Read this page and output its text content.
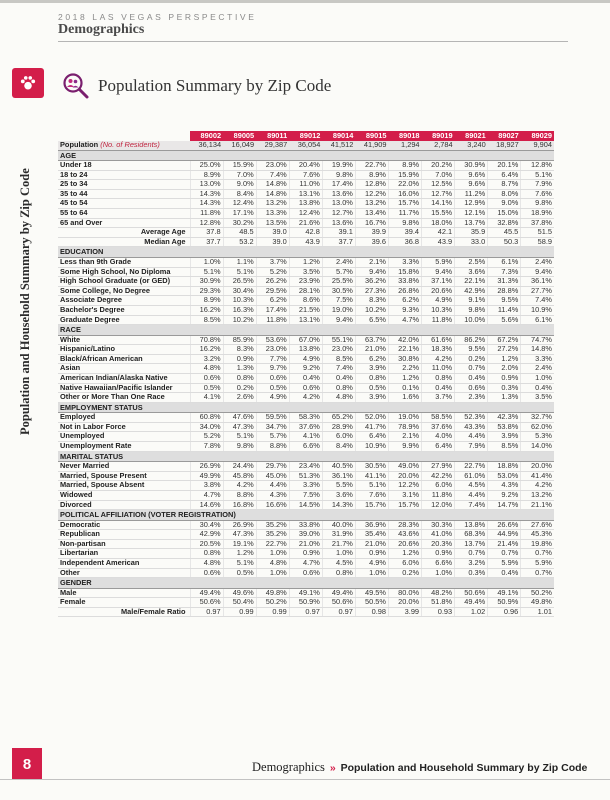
2018 LAS VEGAS PERSPECTIVE
Demographics
Population and Household Summary by Zip Code
Population Summary by Zip Code
	89002	89005	89011	89012	89014	89015	89018	89019	89021	89027	89029
Population (No. of Residents)	36,134	16,049	29,387	36,054	41,512	41,909	1,294	2,784	3,240	18,927	9,904
AGE											
Under 18	25.0%	15.9%	23.0%	20.4%	19.9%	22.7%	8.9%	20.2%	30.9%	20.1%	12.8%
18 to 24	8.9%	7.0%	7.4%	7.6%	9.8%	8.9%	15.9%	7.0%	9.6%	6.4%	5.1%
25 to 34	13.0%	9.0%	14.8%	11.0%	17.4%	12.8%	22.0%	12.5%	9.6%	8.7%	7.9%
35 to 44	14.3%	8.4%	14.8%	13.1%	13.6%	12.2%	16.0%	12.7%	11.2%	8.0%	7.6%
45 to 54	14.3%	12.4%	13.2%	13.8%	13.0%	13.2%	15.7%	14.1%	12.9%	9.0%	9.8%
55 to 64	11.8%	17.1%	13.3%	12.4%	12.7%	13.4%	11.7%	15.5%	12.1%	15.0%	18.9%
65 and Over	12.8%	30.2%	13.5%	21.6%	13.6%	16.7%	9.8%	18.0%	13.7%	32.8%	37.8%
Average Age	37.8	48.5	39.0	42.8	39.1	39.9	39.4	42.1	35.9	45.5	51.5
Median Age	37.7	53.2	39.0	43.9	37.7	39.6	36.8	43.9	33.0	50.3	58.9
EDUCATION											
Less than 9th Grade	1.0%	1.1%	3.7%	1.2%	2.4%	2.1%	3.3%	5.9%	2.5%	6.1%	2.4%
Some High School, No Diploma	5.1%	5.1%	5.2%	3.5%	5.7%	9.4%	15.8%	9.4%	3.6%	7.3%	9.4%
High School Graduate (or GED)	30.9%	26.5%	26.2%	23.9%	25.5%	36.2%	33.8%	37.1%	22.1%	31.3%	36.1%
Some College, No Degree	29.3%	30.4%	29.5%	28.1%	30.5%	27.3%	26.8%	20.6%	42.9%	28.8%	27.7%
Associate Degree	8.9%	10.3%	6.2%	8.6%	7.5%	8.3%	6.2%	4.9%	9.1%	9.5%	7.4%
Bachelor's Degree	16.2%	16.3%	17.4%	21.5%	19.0%	10.2%	9.3%	10.3%	9.8%	11.4%	10.9%
Graduate Degree	8.5%	10.2%	11.8%	13.1%	9.4%	6.5%	4.7%	11.8%	10.0%	5.6%	6.1%
RACE											
White	70.8%	85.9%	53.6%	67.0%	55.1%	63.7%	42.0%	61.6%	86.2%	67.2%	74.7%
Hispanic/Latino	16.2%	8.3%	23.0%	13.8%	23.0%	21.0%	22.1%	18.3%	9.5%	27.2%	14.8%
Black/African American	3.2%	0.9%	7.7%	4.9%	8.5%	6.2%	30.8%	4.2%	0.2%	1.2%	3.3%
Asian	4.8%	1.3%	9.7%	9.2%	7.4%	3.9%	2.2%	11.0%	0.7%	2.0%	2.4%
American Indian/Alaska Native	0.6%	0.8%	0.6%	0.4%	0.4%	0.8%	1.2%	0.8%	0.4%	0.9%	1.0%
Native Hawaiian/Pacific Islander	0.5%	0.2%	0.5%	0.6%	0.8%	0.5%	0.1%	0.4%	0.6%	0.3%	0.4%
Other or More Than One Race	4.1%	2.6%	4.9%	4.2%	4.8%	3.9%	1.6%	3.7%	2.3%	1.3%	3.5%
EMPLOYMENT STATUS											
Employed	60.8%	47.6%	59.5%	58.3%	65.2%	52.0%	19.0%	58.5%	52.3%	42.3%	32.7%
Not in Labor Force	34.0%	47.3%	34.7%	37.6%	28.9%	41.7%	78.9%	37.6%	43.3%	53.8%	62.0%
Unemployed	5.2%	5.1%	5.7%	4.1%	6.0%	6.4%	2.1%	4.0%	4.4%	3.9%	5.3%
Unemployment Rate	7.8%	9.8%	8.8%	6.6%	8.4%	10.9%	9.9%	6.4%	7.9%	8.5%	14.0%
MARITAL STATUS											
Never Married	26.9%	24.4%	29.7%	23.4%	40.5%	30.5%	49.0%	27.9%	22.7%	18.8%	20.0%
Married, Spouse Present	49.9%	45.8%	45.0%	51.3%	36.1%	41.1%	20.0%	42.2%	61.0%	53.0%	41.4%
Married, Spouse Absent	3.8%	4.2%	4.4%	3.3%	5.5%	5.1%	12.2%	6.0%	4.5%	4.3%	4.2%
Widowed	4.7%	8.8%	4.3%	7.5%	3.6%	7.6%	3.1%	11.8%	4.4%	9.2%	13.2%
Divorced	14.6%	16.8%	16.6%	14.5%	14.3%	15.7%	15.7%	12.0%	7.4%	14.7%	21.1%
POLITICAL AFFILIATION (VOTER REGISTRATION)											
Democratic	30.4%	26.9%	35.2%	33.8%	40.0%	36.9%	28.3%	30.3%	13.8%	26.6%	27.6%
Republican	42.9%	47.3%	35.2%	39.0%	31.9%	35.4%	43.6%	41.0%	68.3%	44.9%	45.3%
Non-partisan	20.5%	19.1%	22.7%	21.0%	21.7%	21.0%	20.6%	20.3%	13.7%	21.4%	19.8%
Libertarian	0.8%	1.2%	1.0%	0.9%	1.0%	0.9%	1.2%	0.9%	0.7%	0.7%	0.7%
Independent American	4.8%	5.1%	4.8%	4.7%	4.5%	4.9%	6.0%	6.6%	3.2%	5.9%	5.9%
Other	0.6%	0.5%	1.0%	0.6%	0.8%	1.0%	0.2%	1.0%	0.3%	0.4%	0.7%
GENDER											
Male	49.4%	49.6%	49.8%	49.1%	49.4%	49.5%	80.0%	48.2%	50.6%	49.1%	50.2%
Female	50.6%	50.4%	50.2%	50.9%	50.6%	50.5%	20.0%	51.8%	49.4%	50.9%	49.8%
Male/Female Ratio	0.97	0.99	0.99	0.97	0.97	0.98	3.99	0.93	1.02	0.96	1.01
8	Demographics » Population and Household Summary by Zip Code
